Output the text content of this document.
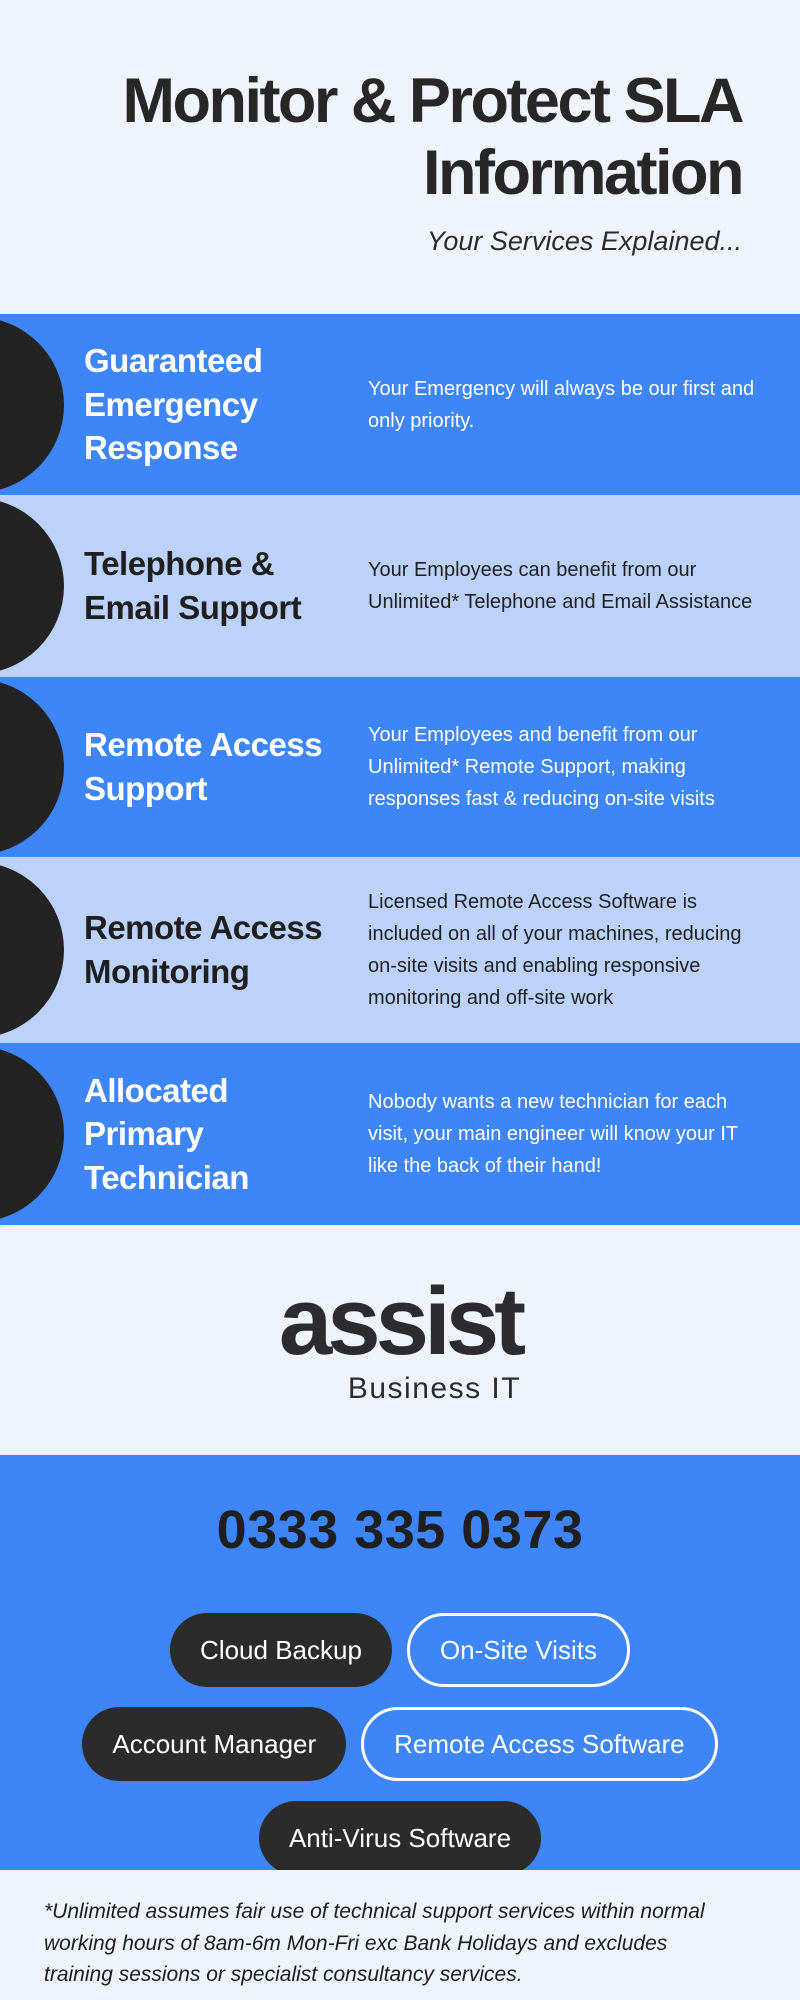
Monitor & Protect SLA
Information
Your Services Explained...
Guaranteed Emergency Response
Your Emergency will always be our first and only priority.
Telephone & Email Support
Your Employees can benefit from our Unlimited* Telephone and Email Assistance
Remote Access Support
Your Employees and benefit from our Unlimited* Remote Support, making responses fast & reducing on-site visits
Remote Access Monitoring
Licensed Remote Access Software is included on all of your machines, reducing on-site visits and enabling responsive monitoring and off-site work
Allocated Primary Technician
Nobody wants a new technician for each visit, your main engineer will know your IT like the back of their hand!
assist
Business IT
0333 335 0373
Cloud Backup	On-Site Visits
Account Manager	Remote Access Software
Anti-Virus Software
*Unlimited assumes fair use of technical support services within normal working hours of 8am-6m Mon-Fri exc Bank Holidays and excludes training sessions or specialist consultancy services.
